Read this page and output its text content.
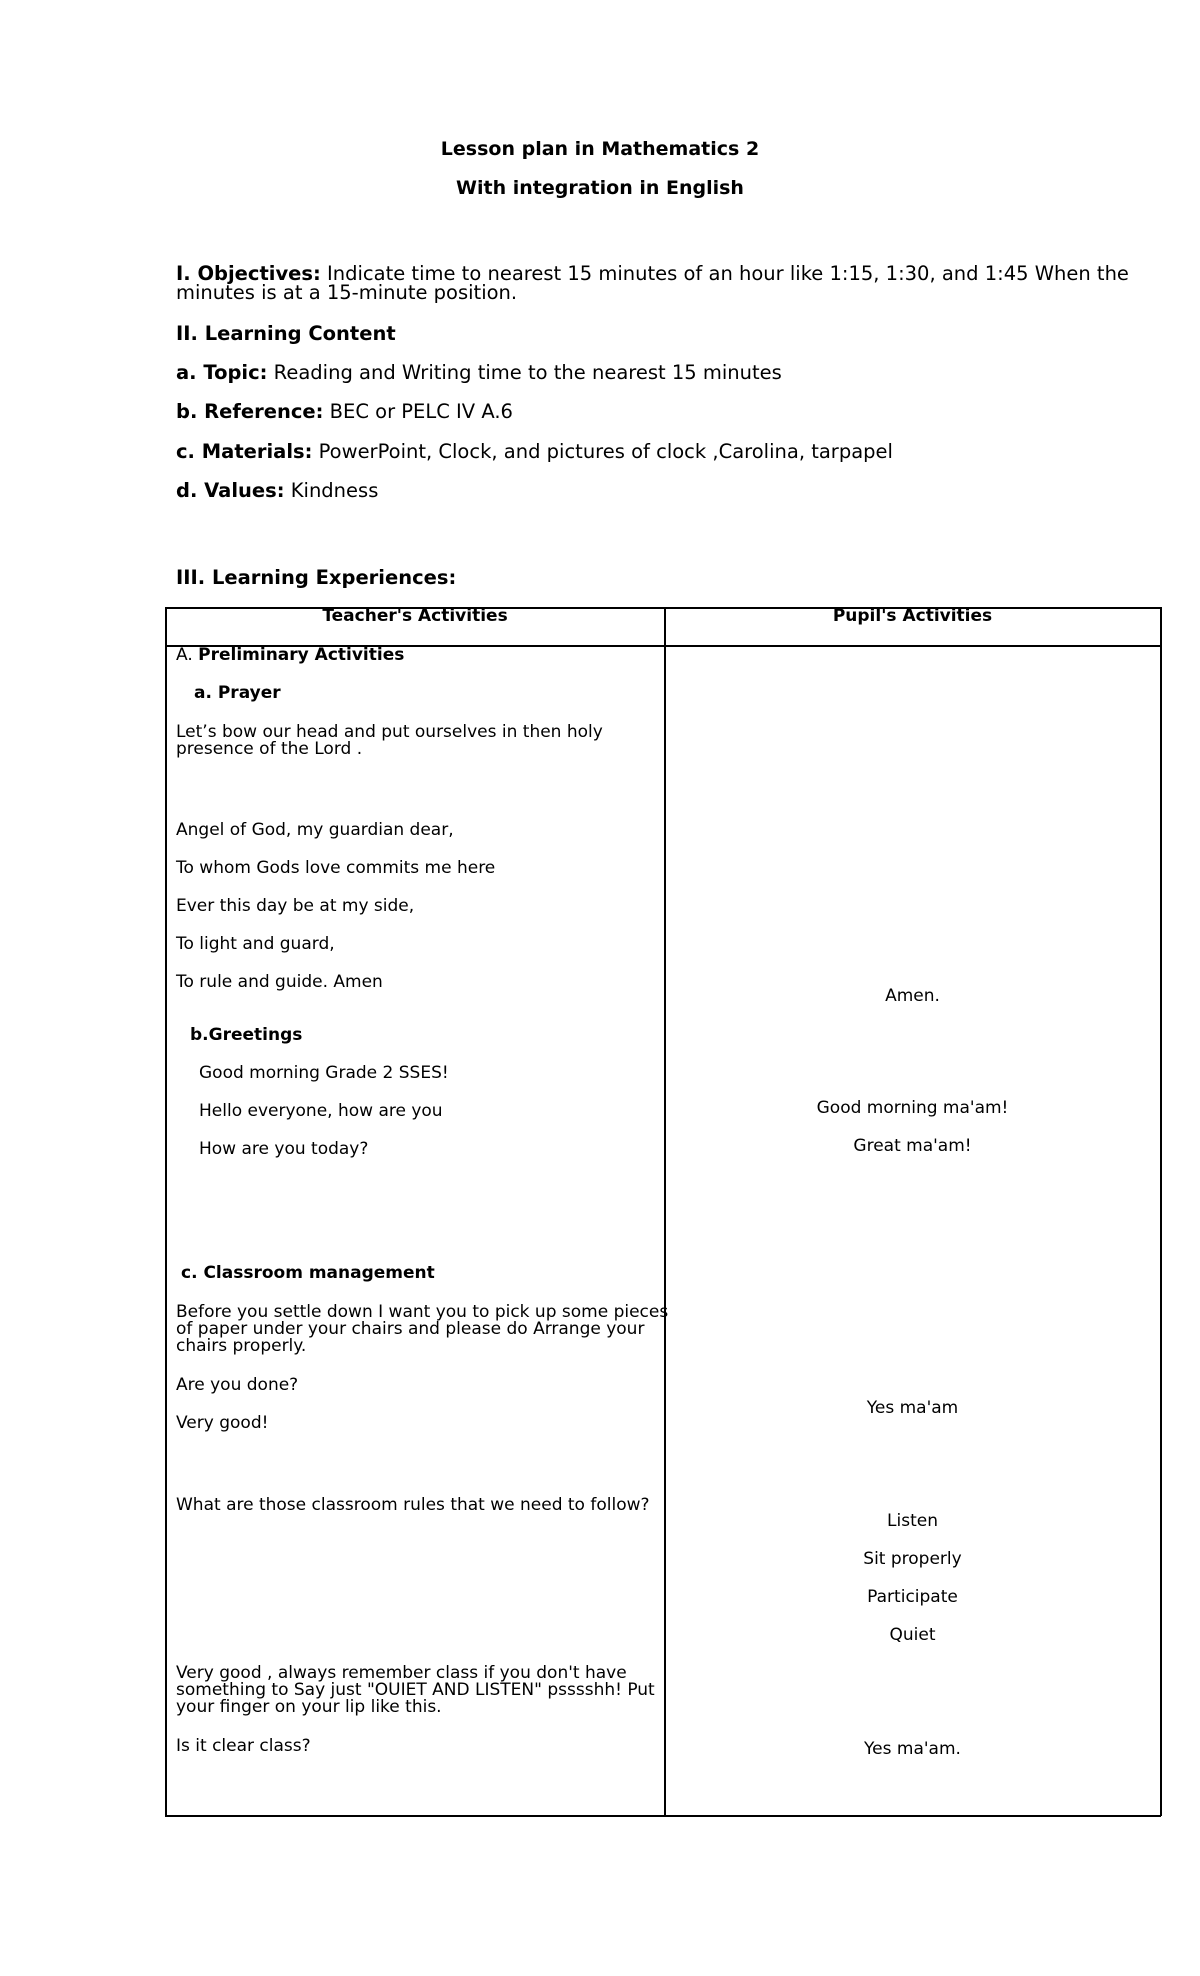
Lesson plan in Mathematics 2
With integration in English
I. Objectives: Indicate time to nearest 15 minutes of an hour like 1:15, 1:30, and 1:45 When the
minutes is at a 15-minute position.
II. Learning Content
a. Topic: Reading and Writing time to the nearest 15 minutes
b. Reference: BEC or PELC IV A.6
c. Materials: PowerPoint, Clock, and pictures of clock ,Carolina, tarpapel
d. Values: Kindness
III. Learning Experiences:
Teacher's Activities	Pupil's Activities
A. Preliminary Activities
a. Prayer
Let’s bow our head and put ourselves in then holy
presence of the Lord .
Angel of God, my guardian dear,
To whom Gods love commits me here
Ever this day be at my side,
To light and guard,
To rule and guide. Amen
b.Greetings
Good morning Grade 2 SSES!
Hello everyone, how are you
How are you today?
c. Classroom management
Before you settle down I want you to pick up some pieces
of paper under your chairs and please do Arrange your
chairs properly.
Are you done?
Very good!
What are those classroom rules that we need to follow?
Very good , always remember class if you don't have
something to Say just "OUIET AND LISTEN" psssshh! Put
your finger on your lip like this.
Is it clear class?
Amen.
Good morning ma'am!
Great ma'am!
Yes ma'am
Listen
Sit properly
Participate
Quiet
Yes ma'am.
